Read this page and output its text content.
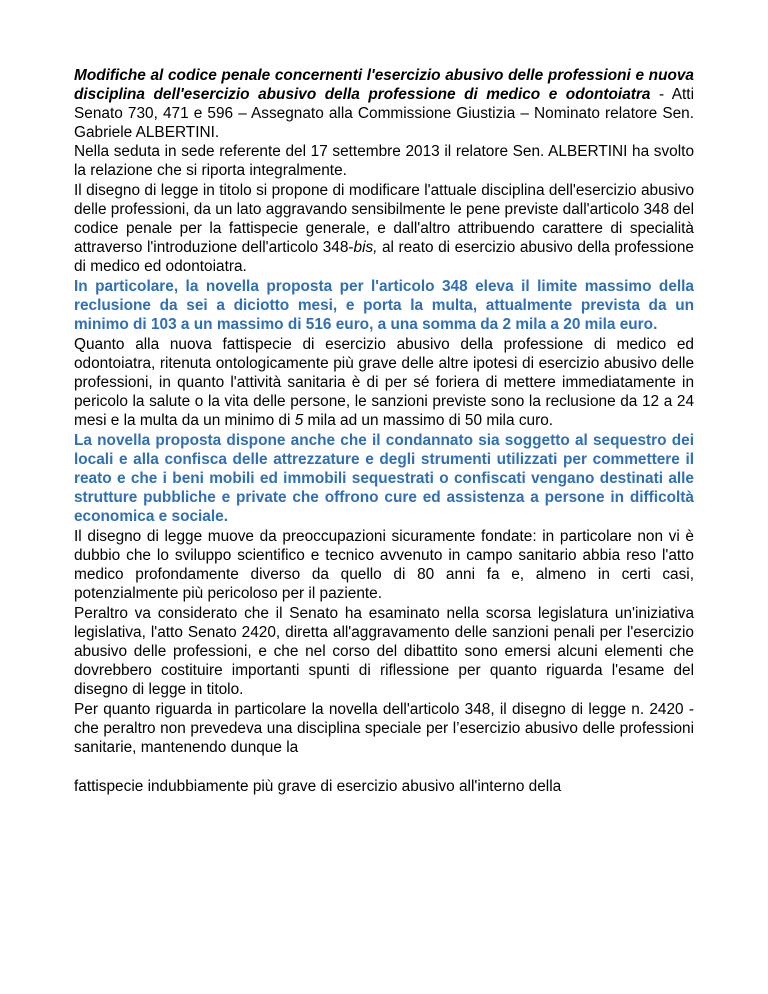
Modifiche al codice penale concernenti l'esercizio abusivo delle professioni e nuova disciplina dell'esercizio abusivo della professione di medico e odontoiatra - Atti Senato 730, 471 e 596 – Assegnato alla Commissione Giustizia – Nominato relatore Sen. Gabriele ALBERTINI.

Nella seduta in sede referente del 17 settembre 2013 il relatore Sen. ALBERTINI ha svolto la relazione che si riporta integralmente.

Il disegno di legge in titolo si propone di modificare l'attuale disciplina dell'esercizio abusivo delle professioni, da un lato aggravando sensibilmente le pene previste dall'articolo 348 del codice penale per la fattispecie generale, e dall'altro attribuendo carattere di specialità attraverso l'introduzione dell'articolo 348-bis, al reato di esercizio abusivo della professione di medico ed odontoiatra.

In particolare, la novella proposta per l'articolo 348 eleva il limite massimo della reclusione da sei a diciotto mesi, e porta la multa, attualmente prevista da un minimo di 103 a un massimo di 516 euro, a una somma da 2 mila a 20 mila euro.

Quanto alla nuova fattispecie di esercizio abusivo della professione di medico ed odontoiatra, ritenuta ontologicamente più grave delle altre ipotesi di esercizio abusivo delle professioni, in quanto l'attività sanitaria è di per sé foriera di mettere immediatamente in pericolo la salute o la vita delle persone, le sanzioni previste sono la reclusione da 12 a 24 mesi e la multa da un minimo di 5 mila ad un massimo di 50 mila curo.

La novella proposta dispone anche che il condannato sia soggetto al sequestro dei locali e alla confisca delle attrezzature e degli strumenti utilizzati per commettere il reato e che i beni mobili ed immobili sequestrati o confiscati vengano destinati alle strutture pubbliche e private che offrono cure ed assistenza a persone in difficoltà economica e sociale.

Il disegno di legge muove da preoccupazioni sicuramente fondate: in particolare non vi è dubbio che lo sviluppo scientifico e tecnico avvenuto in campo sanitario abbia reso l'atto medico profondamente diverso da quello di 80 anni fa e, almeno in certi casi, potenzialmente più pericoloso per il paziente.

Peraltro va considerato che il Senato ha esaminato nella scorsa legislatura un'iniziativa legislativa, l'atto Senato 2420, diretta all'aggravamento delle sanzioni penali per l'esercizio abusivo delle professioni, e che nel corso del dibattito sono emersi alcuni elementi che dovrebbero costituire importanti spunti di riflessione per quanto riguarda l'esame del disegno di legge in titolo.

Per quanto riguarda in particolare la novella dell'articolo 348, il disegno di legge n. 2420 - che peraltro non prevedeva una disciplina speciale per l’esercizio abusivo delle professioni sanitarie, mantenendo dunque la

fattispecie indubbiamente più grave di esercizio abusivo all'interno della
